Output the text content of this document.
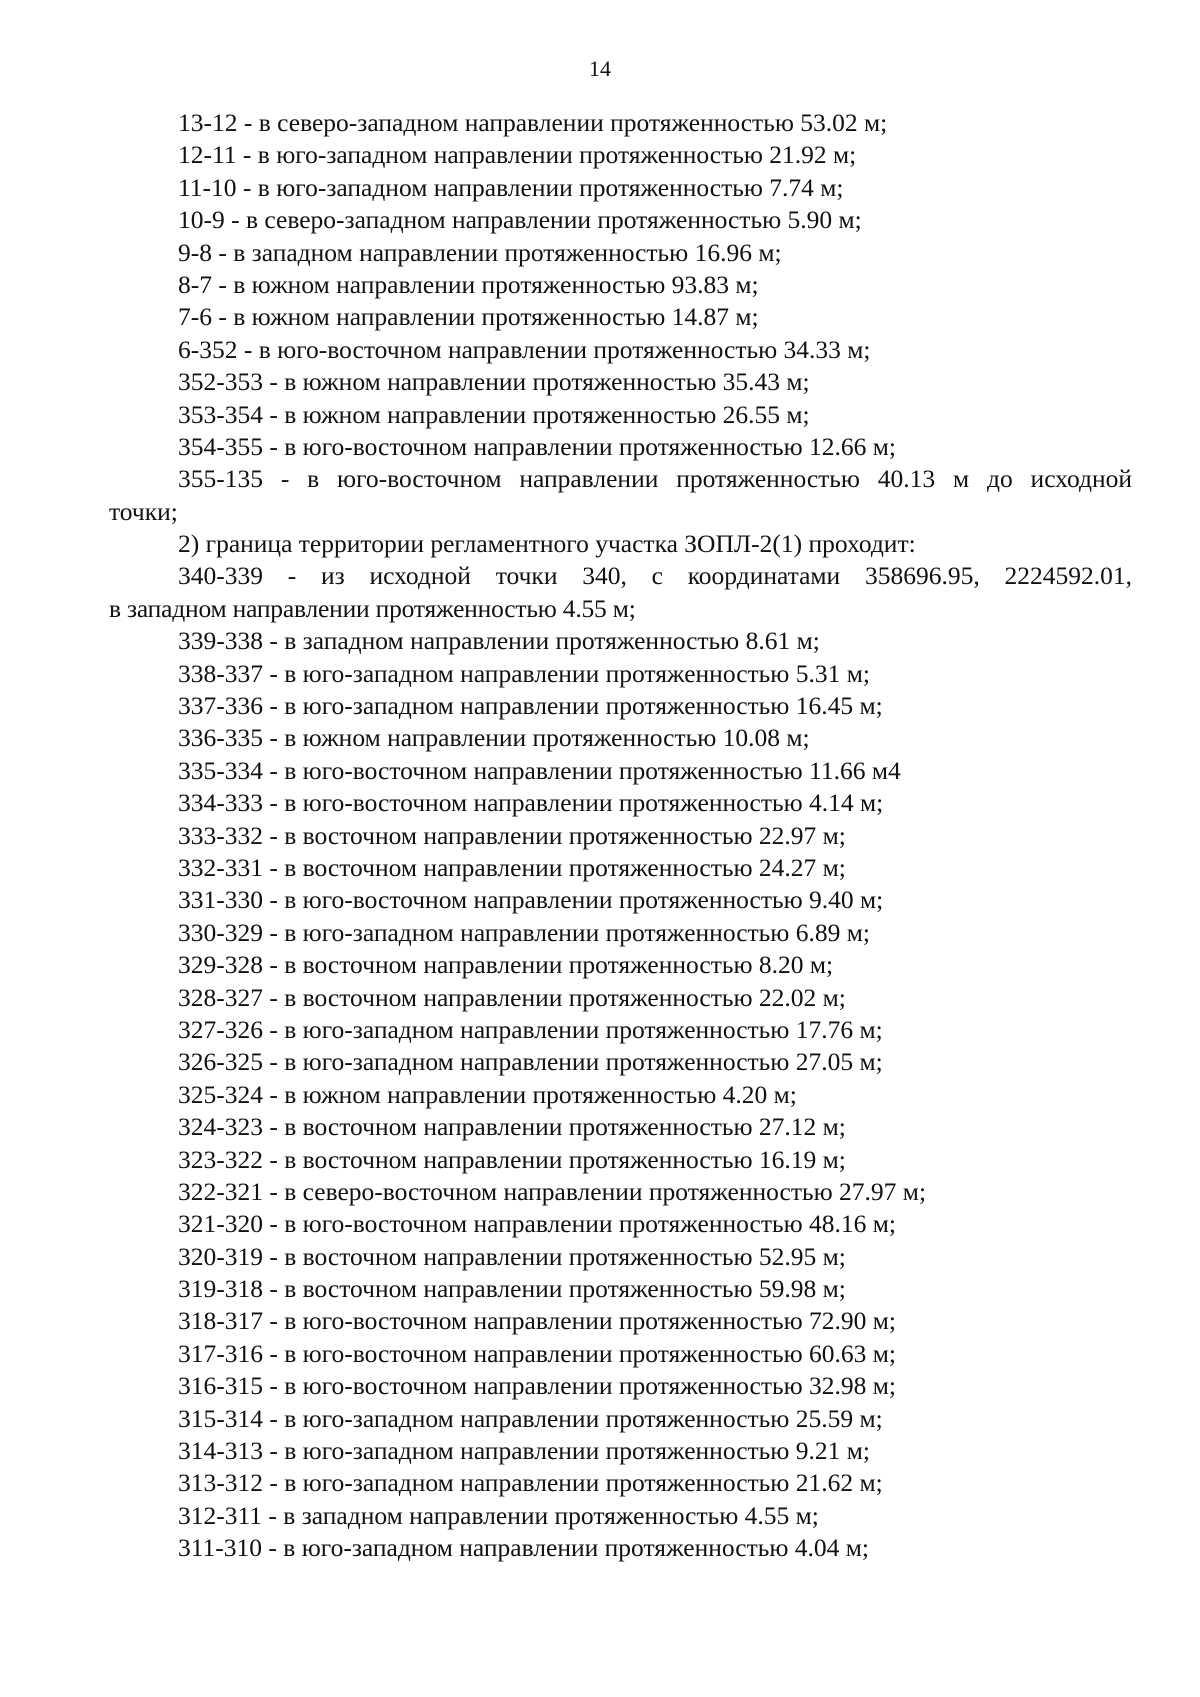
14
13-12 - в северо-западном направлении протяженностью 53.02 м;
12-11 - в юго-западном направлении протяженностью 21.92 м;
11-10 - в юго-западном направлении протяженностью 7.74 м;
10-9 - в северо-западном направлении протяженностью 5.90 м;
9-8 - в западном направлении протяженностью 16.96 м;
8-7 - в южном направлении протяженностью 93.83 м;
7-6 - в южном направлении протяженностью 14.87 м;
6-352 - в юго-восточном направлении протяженностью 34.33 м;
352-353 - в южном направлении протяженностью 35.43 м;
353-354 - в южном направлении протяженностью 26.55 м;
354-355 - в юго-восточном направлении протяженностью 12.66 м;
355-135 - в юго-восточном направлении протяженностью 40.13 м до исходной
точки;
2) граница территории регламентного участка ЗОПЛ-2(1) проходит:
340-339 - из исходной точки 340, с координатами 358696.95, 2224592.01,
в западном направлении протяженностью 4.55 м;
339-338 - в западном направлении протяженностью 8.61 м;
338-337 - в юго-западном направлении протяженностью 5.31 м;
337-336 - в юго-западном направлении протяженностью 16.45 м;
336-335 - в южном направлении протяженностью 10.08 м;
335-334 - в юго-восточном направлении протяженностью 11.66 м4
334-333 - в юго-восточном направлении протяженностью 4.14 м;
333-332 - в восточном направлении протяженностью 22.97 м;
332-331 - в восточном направлении протяженностью 24.27 м;
331-330 - в юго-восточном направлении протяженностью 9.40 м;
330-329 - в юго-западном направлении протяженностью 6.89 м;
329-328 - в восточном направлении протяженностью 8.20 м;
328-327 - в восточном направлении протяженностью 22.02 м;
327-326 - в юго-западном направлении протяженностью 17.76 м;
326-325 - в юго-западном направлении протяженностью 27.05 м;
325-324 - в южном направлении протяженностью 4.20 м;
324-323 - в восточном направлении протяженностью 27.12 м;
323-322 - в восточном направлении протяженностью 16.19 м;
322-321 - в северо-восточном направлении протяженностью 27.97 м;
321-320 - в юго-восточном направлении протяженностью 48.16 м;
320-319 - в восточном направлении протяженностью 52.95 м;
319-318 - в восточном направлении протяженностью 59.98 м;
318-317 - в юго-восточном направлении протяженностью 72.90 м;
317-316 - в юго-восточном направлении протяженностью 60.63 м;
316-315 - в юго-восточном направлении протяженностью 32.98 м;
315-314 - в юго-западном направлении протяженностью 25.59 м;
314-313 - в юго-западном направлении протяженностью 9.21 м;
313-312 - в юго-западном направлении протяженностью 21.62 м;
312-311 - в западном направлении протяженностью 4.55 м;
311-310 - в юго-западном направлении протяженностью 4.04 м;
